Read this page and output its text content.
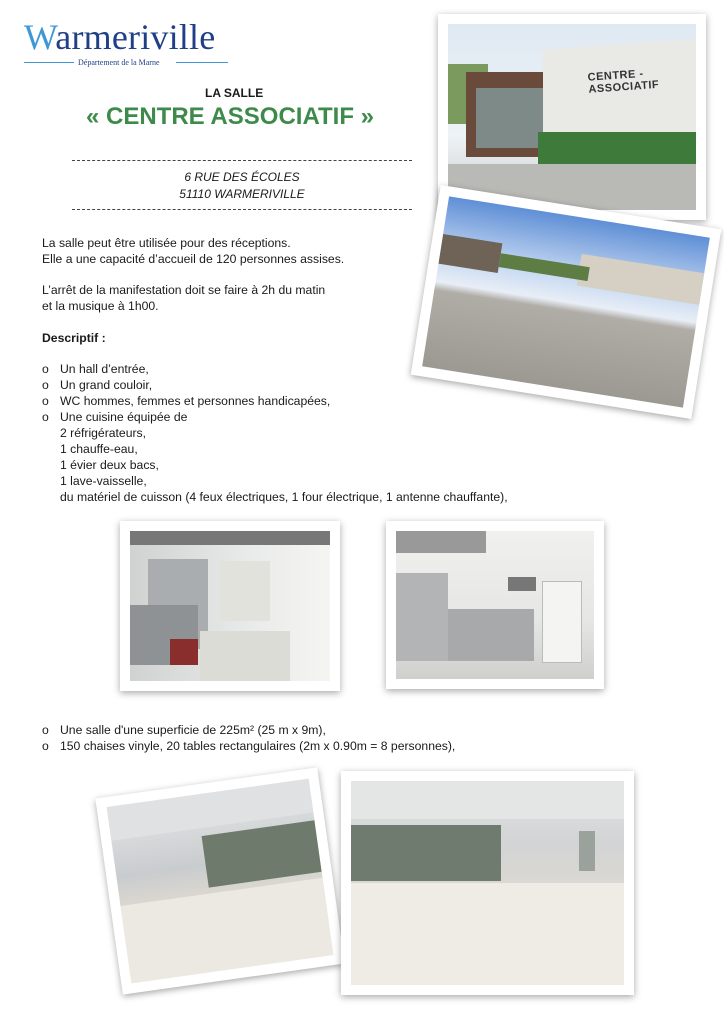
Warmeriville
Département de la Marne
LA SALLE
« CENTRE ASSOCIATIF »
6 RUE DES ÉCOLES
51110 WARMERIVILLE
La salle peut être utilisée pour des réceptions.
Elle a une capacité d’accueil de 120 personnes assises.
L’arrêt de la manifestation doit se faire à 2h du matin
et la musique à 1h00.
Descriptif :
o Un hall d’entrée,
o Un grand couloir,
o WC hommes, femmes et personnes handicapées,
o Une cuisine équipée de
2 réfrigérateurs,
1 chauffe-eau,
1 évier deux bacs,
1 lave-vaisselle,
du matériel de cuisson (4 feux électriques, 1 four électrique, 1 antenne chauffante),
o Une salle d'une superficie de 225m² (25 m x 9m),
o 150 chaises vinyle, 20 tables rectangulaires (2m x 0.90m = 8 personnes),
CENTRE - ASSOCIATIF
